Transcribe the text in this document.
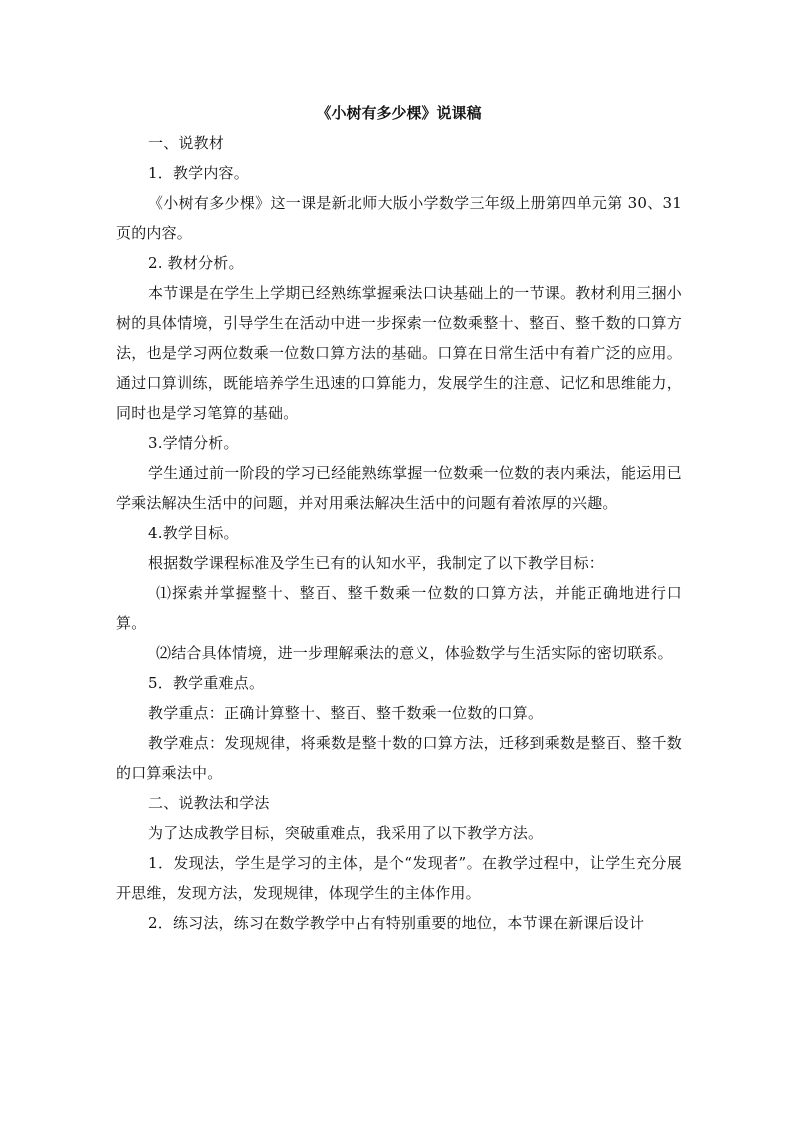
《小树有多少棵》说课稿

一、说教材

1．教学内容。

《小树有多少棵》这一课是新北师大版小学数学三年级上册第四单元第 30、31 页的内容。

2. 教材分析。

本节课是在学生上学期已经熟练掌握乘法口诀基础上的一节课。教材利用三捆小树的具体情境，引导学生在活动中进一步探索一位数乘整十、整百、整千数的口算方法，也是学习两位数乘一位数口算方法的基础。口算在日常生活中有着广泛的应用。通过口算训练，既能培养学生迅速的口算能力，发展学生的注意、记忆和思维能力，同时也是学习笔算的基础。

3.学情分析。

学生通过前一阶段的学习已经能熟练掌握一位数乘一位数的表内乘法，能运用已学乘法解决生活中的问题，并对用乘法解决生活中的问题有着浓厚的兴趣。

4.教学目标。

根据数学课程标准及学生已有的认知水平，我制定了以下教学目标：

⑴探索并掌握整十、整百、整千数乘一位数的口算方法，并能正确地进行口算。

⑵结合具体情境，进一步理解乘法的意义，体验数学与生活实际的密切联系。

5．教学重难点。

教学重点：正确计算整十、整百、整千数乘一位数的口算。

教学难点：发现规律，将乘数是整十数的口算方法，迁移到乘数是整百、整千数的口算乘法中。

二、说教法和学法

为了达成教学目标，突破重难点，我采用了以下教学方法。

1．发现法，学生是学习的主体，是个“发现者”。在教学过程中，让学生充分展开思维，发现方法，发现规律，体现学生的主体作用。

2．练习法，练习在数学教学中占有特别重要的地位，本节课在新课后设计
